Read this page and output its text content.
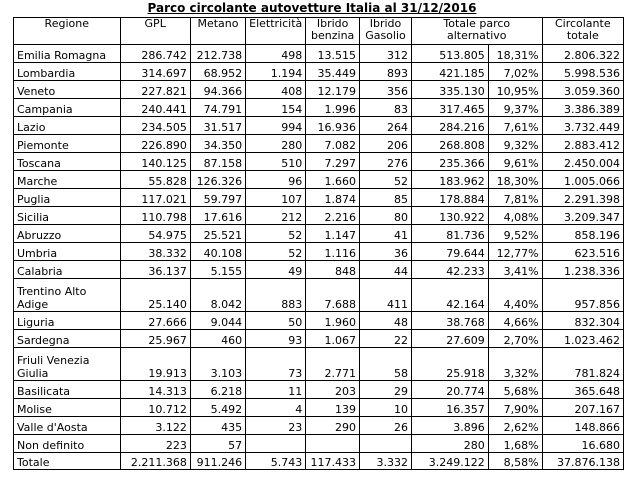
Parco circolante autovetture Italia al 31/12/2016
Regione	GPL	Metano	Elettricità	Ibrido benzina	Ibrido Gasolio	Totale parco alternativo		Circolante totale
Emilia Romagna	286.742	212.738	498	13.515	312	513.805	18,31%	2.806.322
Lombardia	314.697	68.952	1.194	35.449	893	421.185	7,02%	5.998.536
Veneto	227.821	94.366	408	12.179	356	335.130	10,95%	3.059.360
Campania	240.441	74.791	154	1.996	83	317.465	9,37%	3.386.389
Lazio	234.505	31.517	994	16.936	264	284.216	7,61%	3.732.449
Piemonte	226.890	34.350	280	7.082	206	268.808	9,32%	2.883.412
Toscana	140.125	87.158	510	7.297	276	235.366	9,61%	2.450.004
Marche	55.828	126.326	96	1.660	52	183.962	18,30%	1.005.066
Puglia	117.021	59.797	107	1.874	85	178.884	7,81%	2.291.398
Sicilia	110.798	17.616	212	2.216	80	130.922	4,08%	3.209.347
Abruzzo	54.975	25.521	52	1.147	41	81.736	9,52%	858.196
Umbria	38.332	40.108	52	1.116	36	79.644	12,77%	623.516
Calabria	36.137	5.155	49	848	44	42.233	3,41%	1.238.336
Trentino Alto Adige	25.140	8.042	883	7.688	411	42.164	4,40%	957.856
Liguria	27.666	9.044	50	1.960	48	38.768	4,66%	832.304
Sardegna	25.967	460	93	1.067	22	27.609	2,70%	1.023.462
Friuli Venezia Giulia	19.913	3.103	73	2.771	58	25.918	3,32%	781.824
Basilicata	14.313	6.218	11	203	29	20.774	5,68%	365.648
Molise	10.712	5.492	4	139	10	16.357	7,90%	207.167
Valle d'Aosta	3.122	435	23	290	26	3.896	2,62%	148.866
Non definito	223	57				280	1,68%	16.680
Totale	2.211.368	911.246	5.743	117.433	3.332	3.249.122	8,58%	37.876.138
